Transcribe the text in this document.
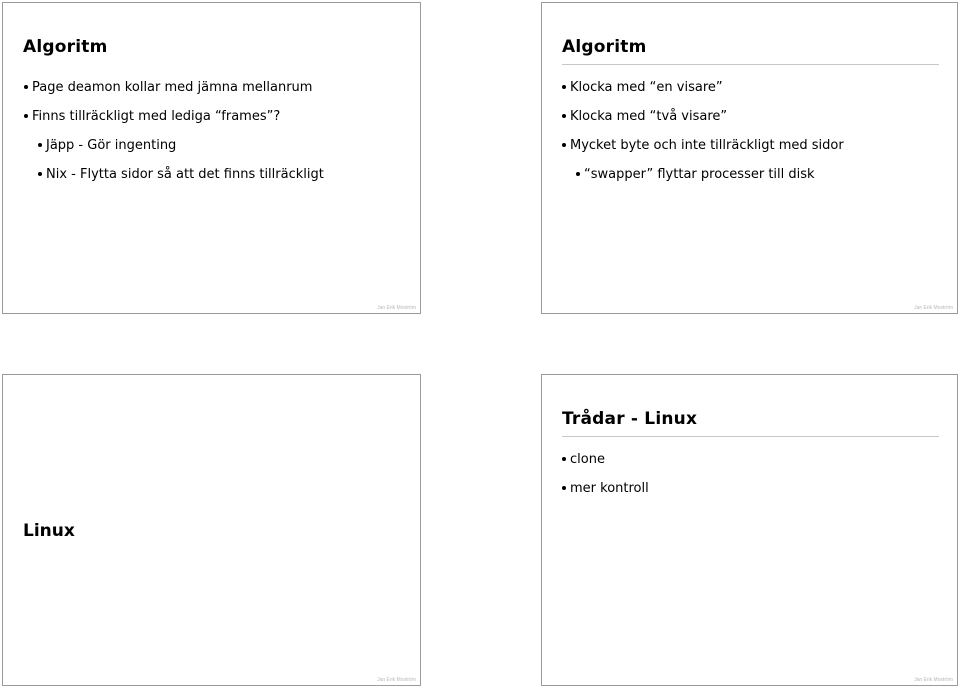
Algoritm
Page deamon kollar med jämna mellanrum
Finns tillräckligt med lediga “frames”?
Jäpp - Gör ingenting
Nix - Flytta sidor så att det finns tillräckligt
Jan Erik Moström
Algoritm
Klocka med “en visare”
Klocka med “två visare”
Mycket byte och inte tillräckligt med sidor
“swapper” flyttar processer till disk
Jan Erik Moström
Linux
Jan Erik Moström
Trådar - Linux
clone
mer kontroll
Jan Erik Moström
